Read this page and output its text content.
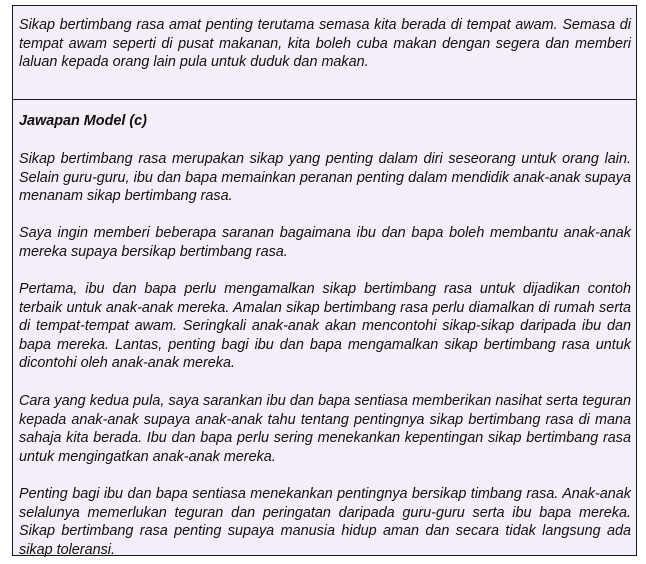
Sikap bertimbang rasa amat penting terutama semasa kita berada di tempat awam. Semasa di tempat awam seperti di pusat makanan, kita boleh cuba makan dengan segera dan memberi laluan kepada orang lain pula untuk duduk dan makan.

Jawapan Model (c)

Sikap bertimbang rasa merupakan sikap yang penting dalam diri seseorang untuk orang lain. Selain guru-guru, ibu dan bapa memainkan peranan penting dalam mendidik anak-anak supaya menanam sikap bertimbang rasa.

Saya ingin memberi beberapa saranan bagaimana ibu dan bapa boleh membantu anak-anak mereka supaya bersikap bertimbang rasa.

Pertama, ibu dan bapa perlu mengamalkan sikap bertimbang rasa untuk dijadikan contoh terbaik untuk anak-anak mereka. Amalan sikap bertimbang rasa perlu diamalkan di rumah serta di tempat-tempat awam. Seringkali anak-anak akan mencontohi sikap-sikap daripada ibu dan bapa mereka. Lantas, penting bagi ibu dan bapa mengamalkan sikap bertimbang rasa untuk dicontohi oleh anak-anak mereka.

Cara yang kedua pula, saya sarankan ibu dan bapa sentiasa memberikan nasihat serta teguran kepada anak-anak supaya anak-anak tahu tentang pentingnya sikap bertimbang rasa di mana sahaja kita berada. Ibu dan bapa perlu sering menekankan kepentingan sikap bertimbang rasa untuk mengingatkan anak-anak mereka.

Penting bagi ibu dan bapa sentiasa menekankan pentingnya bersikap timbang rasa. Anak-anak selalunya memerlukan teguran dan peringatan daripada guru-guru serta ibu bapa mereka. Sikap bertimbang rasa penting supaya manusia hidup aman dan secara tidak langsung ada sikap toleransi.
